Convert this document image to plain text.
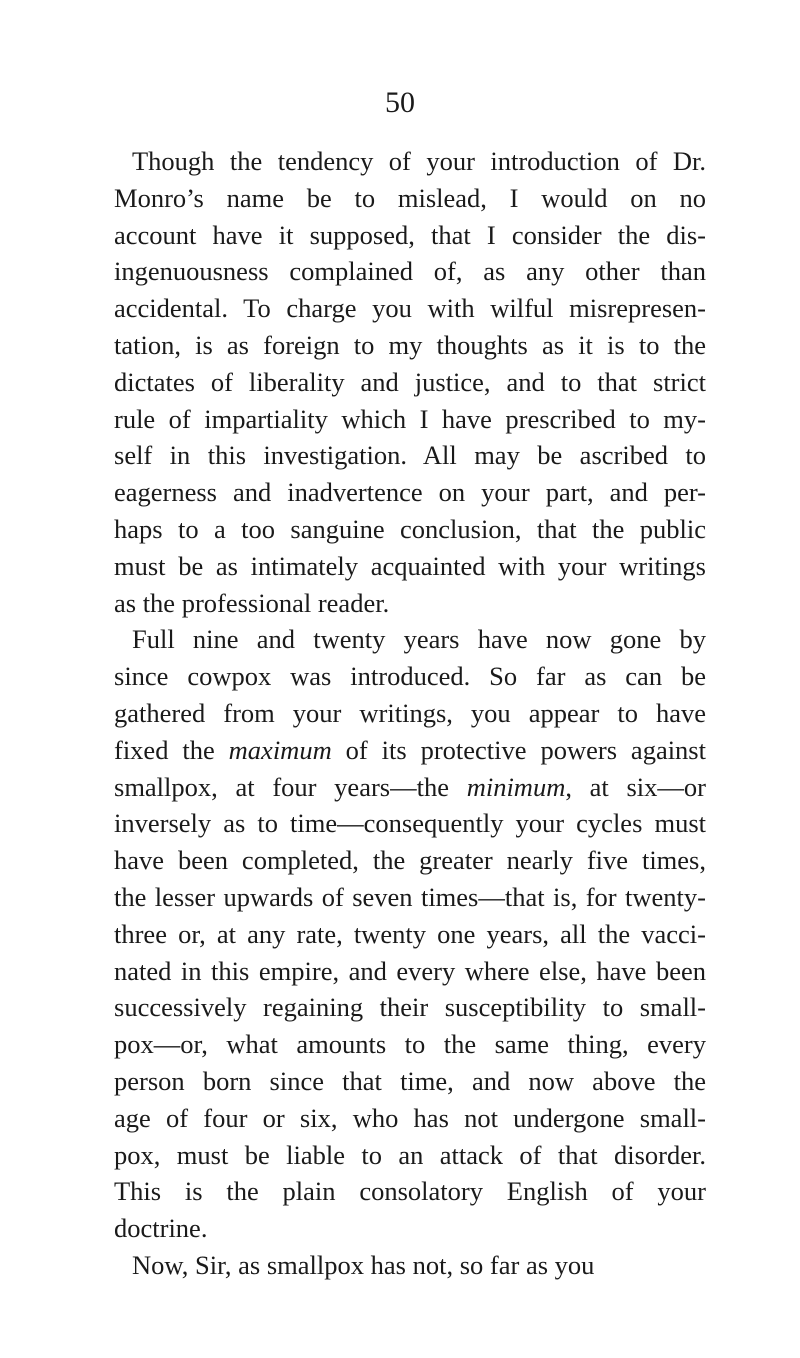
50
Though the tendency of your introduction of Dr.
Monro’s name be to mislead, I would on no
account have it supposed, that I consider the dis-
ingenuousness complained of, as any other than
accidental. To charge you with wilful misrepresen-
tation, is as foreign to my thoughts as it is to the
dictates of liberality and justice, and to that strict
rule of impartiality which I have prescribed to my-
self in this investigation. All may be ascribed to
eagerness and inadvertence on your part, and per-
haps to a too sanguine conclusion, that the public
must be as intimately acquainted with your writings
as the professional reader.
Full nine and twenty years have now gone by
since cowpox was introduced. So far as can be
gathered from your writings, you appear to have
fixed the maximum of its protective powers against
smallpox, at four years—the minimum, at six—or
inversely as to time—consequently your cycles must
have been completed, the greater nearly five times,
the lesser upwards of seven times—that is, for twenty-
three or, at any rate, twenty one years, all the vacci-
nated in this empire, and every where else, have been
successively regaining their susceptibility to small-
pox—or, what amounts to the same thing, every
person born since that time, and now above the
age of four or six, who has not undergone small-
pox, must be liable to an attack of that disorder.
This is the plain consolatory English of your
doctrine.
Now, Sir, as smallpox has not, so far as you
